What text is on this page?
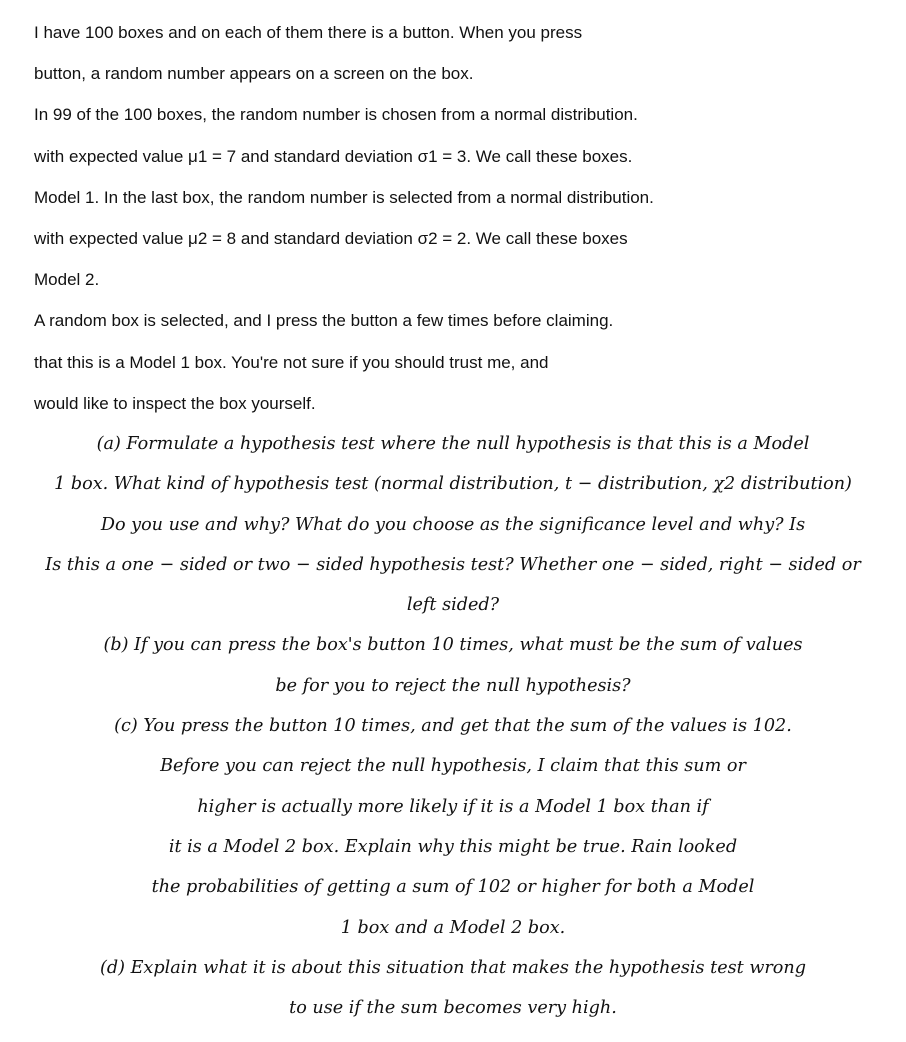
I have 100 boxes and on each of them there is a button. When you press

button, a random number appears on a screen on the box.

In 99 of the 100 boxes, the random number is chosen from a normal distribution.

with expected value μ1 = 7 and standard deviation σ1 = 3. We call these boxes.

Model 1. In the last box, the random number is selected from a normal distribution.

with expected value μ2 = 8 and standard deviation σ2 = 2. We call these boxes

Model 2.

A random box is selected, and I press the button a few times before claiming.

that this is a Model 1 box. You're not sure if you should trust me, and

would like to inspect the box yourself.

(a) Formulate a hypothesis test where the null hypothesis is that this is a Model

1 box. What kind of hypothesis test (normal distribution, t − distribution, χ2 distribution)

Do you use and why? What do you choose as the significance level and why? Is

Is this a one − sided or two − sided hypothesis test? Whether one − sided, right − sided or

left sided?

(b) If you can press the box's button 10 times, what must be the sum of values

be for you to reject the null hypothesis?

(c) You press the button 10 times, and get that the sum of the values is 102.

Before you can reject the null hypothesis, I claim that this sum or

higher is actually more likely if it is a Model 1 box than if

it is a Model 2 box. Explain why this might be true. Rain looked

the probabilities of getting a sum of 102 or higher for both a Model

1 box and a Model 2 box.

(d) Explain what it is about this situation that makes the hypothesis test wrong

to use if the sum becomes very high.
